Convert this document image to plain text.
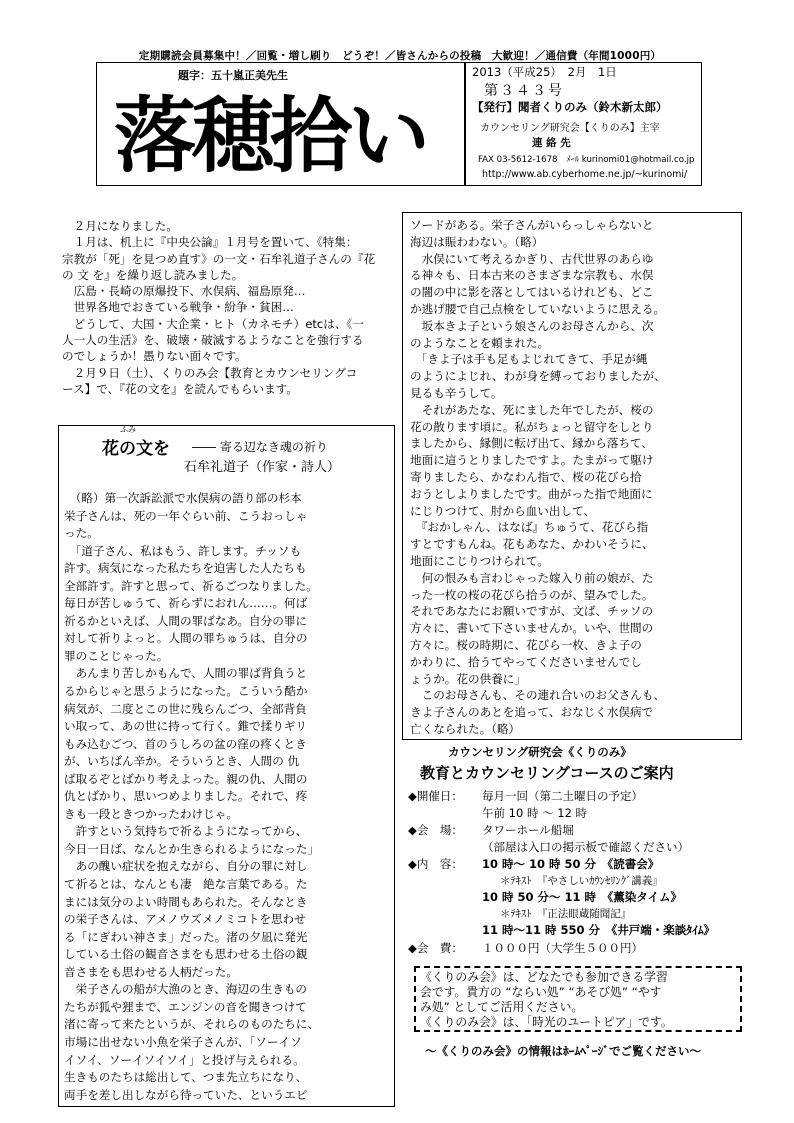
定期購読会員募集中！／回覧・増し刷り　どうぞ！／皆さんからの投稿　大歓迎！／通信費（年間1000円）
題字：五十嵐正美先生
落穂拾い
2013（平成25）　2月　1日
第３４３号
【発行】聞者くりのみ（鈴木新太郎）
カウンセリング研究会【くりのみ】主宰
連 絡 先
FAX 03-5612-1678　ﾒｰﾙ kurinomi01@hotmail.co.jp
http://www.ab.cyberhome.ne.jp/~kurinomi/
　２月になりました。
　１月は、机上に『中央公論』１月号を置いて、《特集：
宗教が「死」を見つめ直す》の一文・石牟礼道子さんの『花
の 文 を』を繰り返し読みました。
　広島・長崎の原爆投下、水俣病、福島原発…
　世界各地でおきている戦争・紛争・貧困…
　どうして、大国・大企業・ヒト（カネモチ）etcは、《一
人一人の生活》を、破壊・破滅するようなことを強行する
のでしょうか！愚りない面々です。
　２月９日（土）、くりのみ会【教育とカウンセリングコ
ース】で、『花の文を』を読んでもらいます。
ふみ
花の文を ―― 寄る辺なき魂の祈り
石牟礼道子（作家・詩人）
　（略）第一次訴訟派で水俣病の語り部の杉本
栄子さんは、死の一年ぐらい前、こうおっしゃ
った。
　「道子さん、私はもう、許します。チッソも
許す。病気になった私たちを迫害した人たちも
全部許す。許すと思って、祈るごつなりました。
毎日が苦しゅうて、祈らずにおれん……。何ば
祈るかといえば、人間の罪ばなあ。自分の罪に
対して祈りよっと。人間の罪ちゅうは、自分の
罪のことじゃった。
　あんまり苦しかもんで、人間の罪ば背負うと
るからじゃと思うようになった。こういう酷か
病気が、二度とこの世に残らんごつ、全部背負
い取って、あの世に持って行く。錐で揉りギリ
もみ込むごつ、首のうしろの盆の窪の疼くとき
が、いちばん辛か。そういうとき、人間の 仇
ば取るぞとばかり考えよった。親の仇、人間の
仇とばかり、思いつめよりました。それで、疼
きも一段ときつかったわけじゃ。
　許すという気持ちで祈るようになってから、
今日一日ば、なんとか生きられるようになった」
　あの醜い症状を抱えながら、自分の罪に対し
て祈るとは、なんとも凄　絶な言葉である。た
まには気分のよい時間もあられた。そんなとき
の栄子さんは、アメノウズメノミコトを思わせ
る「にぎわい神さま」だった。渚の夕凪に発光
している土俗の観音さまをも思わせる土俗の観
音さまをも思わせる人柄だった。
　栄子さんの船が大漁のとき、海辺の生きもの
たちが狐や狸まで、エンジンの音を聞きつけて
渚に寄って来たというが、それらのものたちに、
市場に出せない小魚を栄子さんが、「ソーイソ
イソイ、ソーイソイソイ」と投げ与えられる。
生きものたちは総出して、つま先立ちになり、
両手を差し出しながら待っていた、というエピ
ソードがある。栄子さんがいらっしゃらないと
海辺は賑わわない。（略）
　水俣にいて考えるかぎり、古代世界のあらゆ
る神々も、日本古来のさまざまな宗教も、水俣
の闇の中に影を落としてはいるけれども、どこ
か逃げ腰で自己点検をしていないように思える。
　坂本きよ子という娘さんのお母さんから、次
のようなことを頼まれた。
　「きよ子は手も足もよじれてきて、手足が縄
のようによじれ、わが身を縛っておりましたが、
見るも辛うして。
　それがあたな、死にました年でしたが、桜の
花の散ります頃に。私がちょっと留守をしとり
ましたから、縁側に転げ出て、縁から落ちて、
地面に這うとりましたですよ。たまがって駆け
寄りましたら、かなわん指で、桜の花びら拾
おうとしよりましたです。曲がった指で地面に
にじりつけて、肘から血い出して、
　『おかしゃん、はなば』ちゅうて、花びら指
すとですもんね。花もあなた、かわいそうに、
地面にこじりつけられて。
　何の恨みも言わじゃった嫁入り前の娘が、た
った一枚の桜の花びら拾うのが、望みでした。
それであなたにお願いですが、文ば、チッソの
方々に、書いて下さいませんか。いや、世間の
方々に。桜の時期に、花びら一枚、きよ子の
かわりに、拾うてやってくださいませんでし
ょうか。花の供養に」
　このお母さんも、その連れ合いのお父さんも、
きよ子さんのあとを追って、おなじく水俣病で
亡くなられた。（略）
カウンセリング研究会《くりのみ》
教育とカウンセリングコースのご案内
◆開催日： 毎月一回（第二土曜日の予定）
午前 10 時 ～ 12 時
◆会　場： タワーホール船堀
（部屋は入口の掲示板で確認ください）
◆内　容： 10 時～ 10 時 50 分　《読書会》
＊ﾃｷｽﾄ　『やさしいｶｳﾝｾﾘﾝｸﾞ講義』
10 時 50 分～ 11 時　《薫染タイム》
＊ﾃｷｽﾄ　『正法眼蔵随聞記』
11 時～11 時 550 分　《井戸端・楽談ﾀｲﾑ》
◆会　費： １０００円（大学生５００円）
《くりのみ会》は、どなたでも参加できる学習
会です。貴方の “ならい処” “あそび処” “やす
み処” としてご活用ください。
《くりのみ会》は、「時光のユートピア」です。
～《くりのみ会》の情報はﾎｰﾑﾍﾟｰｼﾞでご覧ください～
